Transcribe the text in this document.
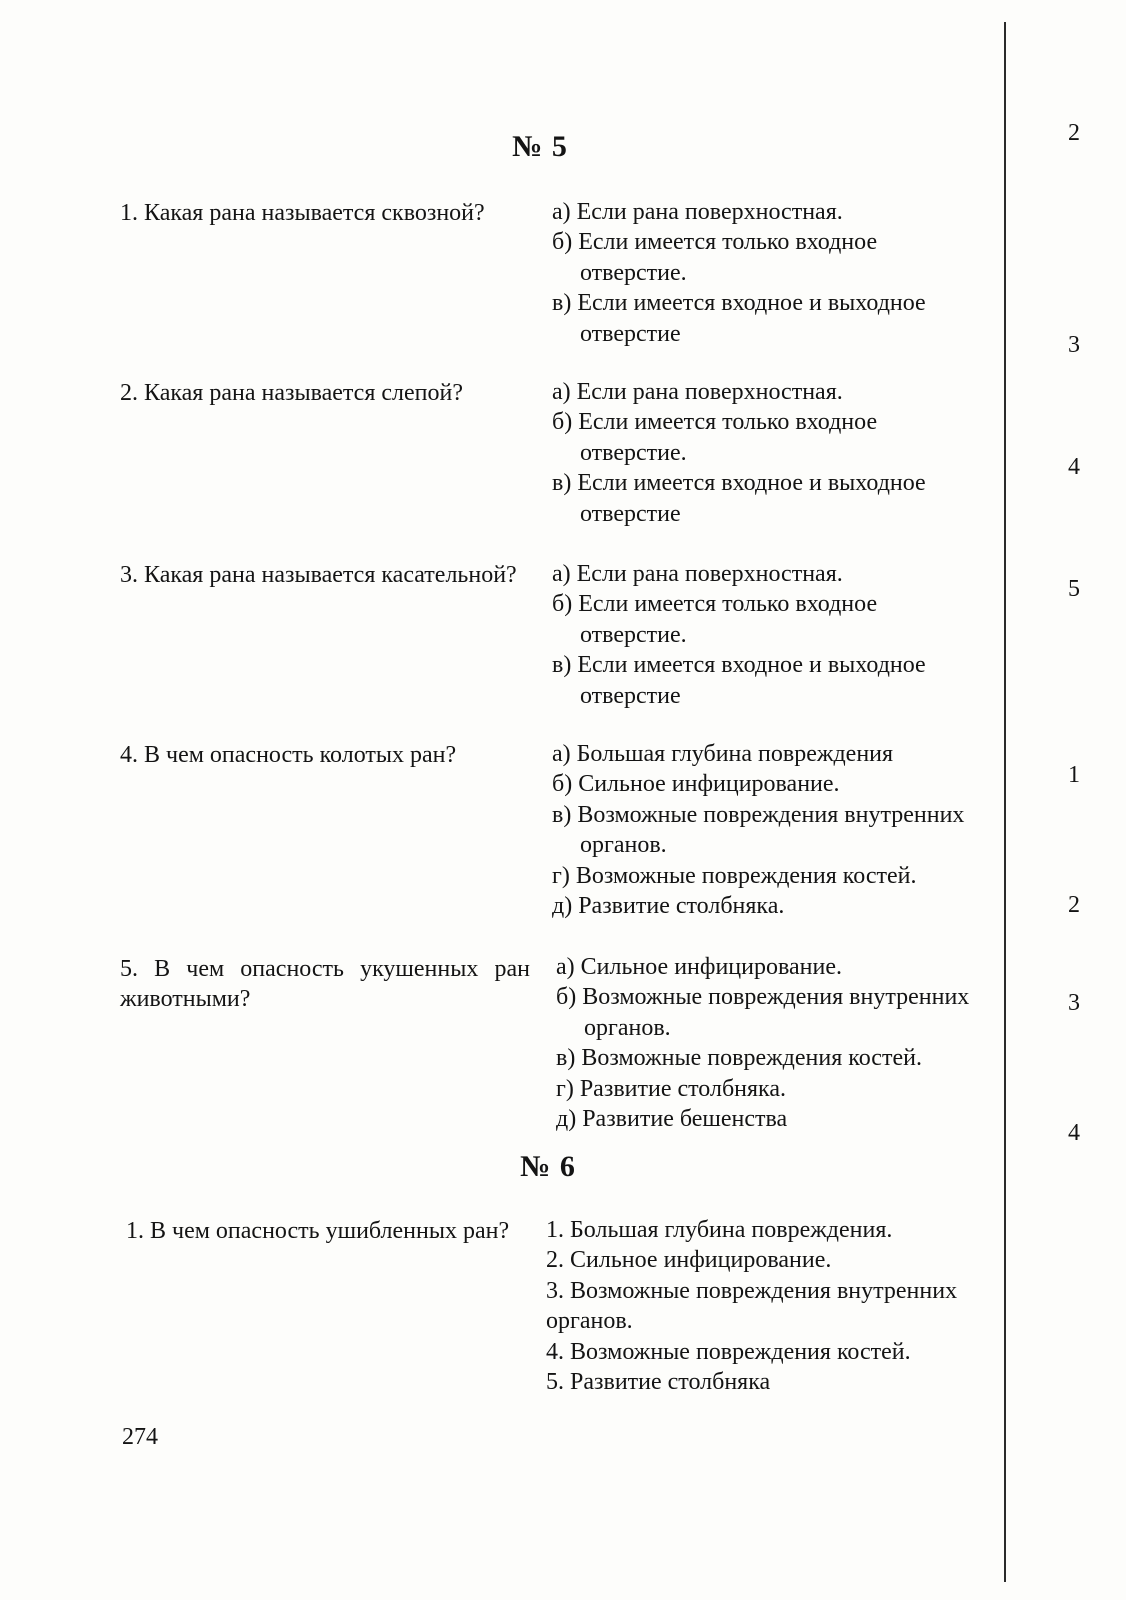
№ 5
1. Какая рана называется сквозной?	а) Если рана поверхностная.
б) Если имеется только входное отверстие.
в) Если имеется входное и выходное отверстие
2. Какая рана называется слепой?	а) Если рана поверхностная.
б) Если имеется только входное отверстие.
в) Если имеется входное и выходное отверстие
3. Какая рана называется касательной?	а) Если рана поверхностная.
б) Если имеется только входное отверстие.
в) Если имеется входное и выходное отверстие
4. В чем опасность колотых ран?	а) Большая глубина повреждения
б) Сильное инфицирование.
в) Возможные повреждения внутренних органов.
г) Возможные повреждения костей.
д) Развитие столбняка.
5. В чем опасность укушенных ран животными?
а) Сильное инфицирование.
б) Возможные повреждения внутренних органов.
в) Возможные повреждения костей.
г) Развитие столбняка.
д) Развитие бешенства
№ 6
1. В чем опасность ушибленных ран?	1. Большая глубина повреждения.
2. Сильное инфицирование.
3. Возможные повреждения внутренних органов.
4. Возможные повреждения костей.
5. Развитие столбняка
274
2
3
4
5
1
2
3
4
